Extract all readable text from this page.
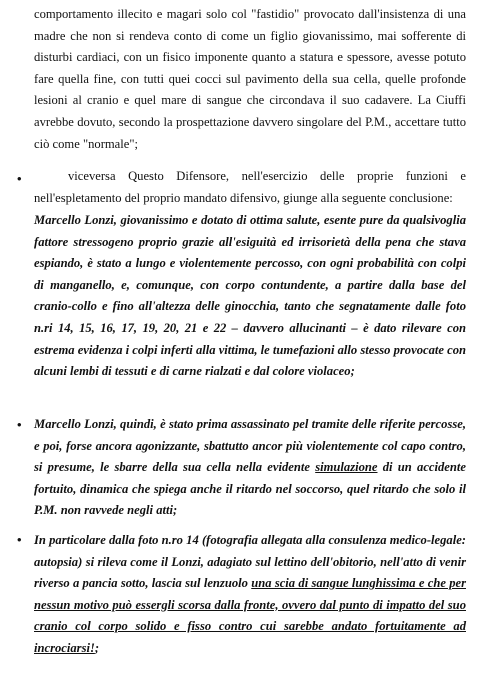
comportamento illecito e magari solo col "fastidio" provocato dall'insistenza di una madre che non si rendeva conto di come un figlio giovanissimo, mai sofferente di disturbi cardiaci, con un fisico imponente quanto a statura e spessore, avesse potuto fare quella fine, con tutti quei cocci sul pavimento della sua cella, quelle profonde lesioni al cranio e quel mare di sangue che circondava il suo cadavere. La Ciuffi avrebbe dovuto, secondo la prospettazione davvero singolare del P.M., accettare tutto ciò come "normale";

•	viceversa Questo Difensore, nell'esercizio delle proprie funzioni e nell'espletamento del proprio mandato difensivo, giunge alla seguente conclusione:

Marcello Lonzi, giovanissimo e dotato di ottima salute, esente pure da qualsivoglia fattore stressogeno proprio grazie all'esiguità ed irrisorietà della pena che stava espiando, è stato a lungo e violentemente percosso, con ogni probabilità con colpi di manganello, e, comunque, con corpo contundente, a partire dalla base del cranio-collo e fino all'altezza delle ginocchia, tanto che segnatamente dalle foto n.ri 14, 15, 16, 17, 19, 20, 21 e 22 – davvero allucinanti – è dato rilevare con estrema evidenza i colpi inferti alla vittima, le tumefazioni allo stesso provocate con alcuni lembi di tessuti e di carne rialzati e dal colore violaceo;

• Marcello Lonzi, quindi, è stato prima assassinato pel tramite delle riferite percosse, e poi, forse ancora agonizzante, sbattutto ancor più violentemente col capo contro, si presume, le sbarre della sua cella nella evidente simulazione di un accidente fortuito, dinamica che spiega anche il ritardo nel soccorso, quel ritardo che solo il P.M. non ravvede negli atti;

• In particolare dalla foto n.ro 14 (fotografia allegata alla consulenza medico-legale: autopsia) si rileva come il Lonzi, adagiato sul lettino dell'obitorio, nell'atto di venir riverso a pancia sotto, lascia sul lenzuolo una scia di sangue lunghissima e che per nessun motivo può essergli scorsa dalla fronte, ovvero dal punto di impatto del suo cranio col corpo solido e fisso contro cui sarebbe andato fortuitamente ad incrociarsi!;
